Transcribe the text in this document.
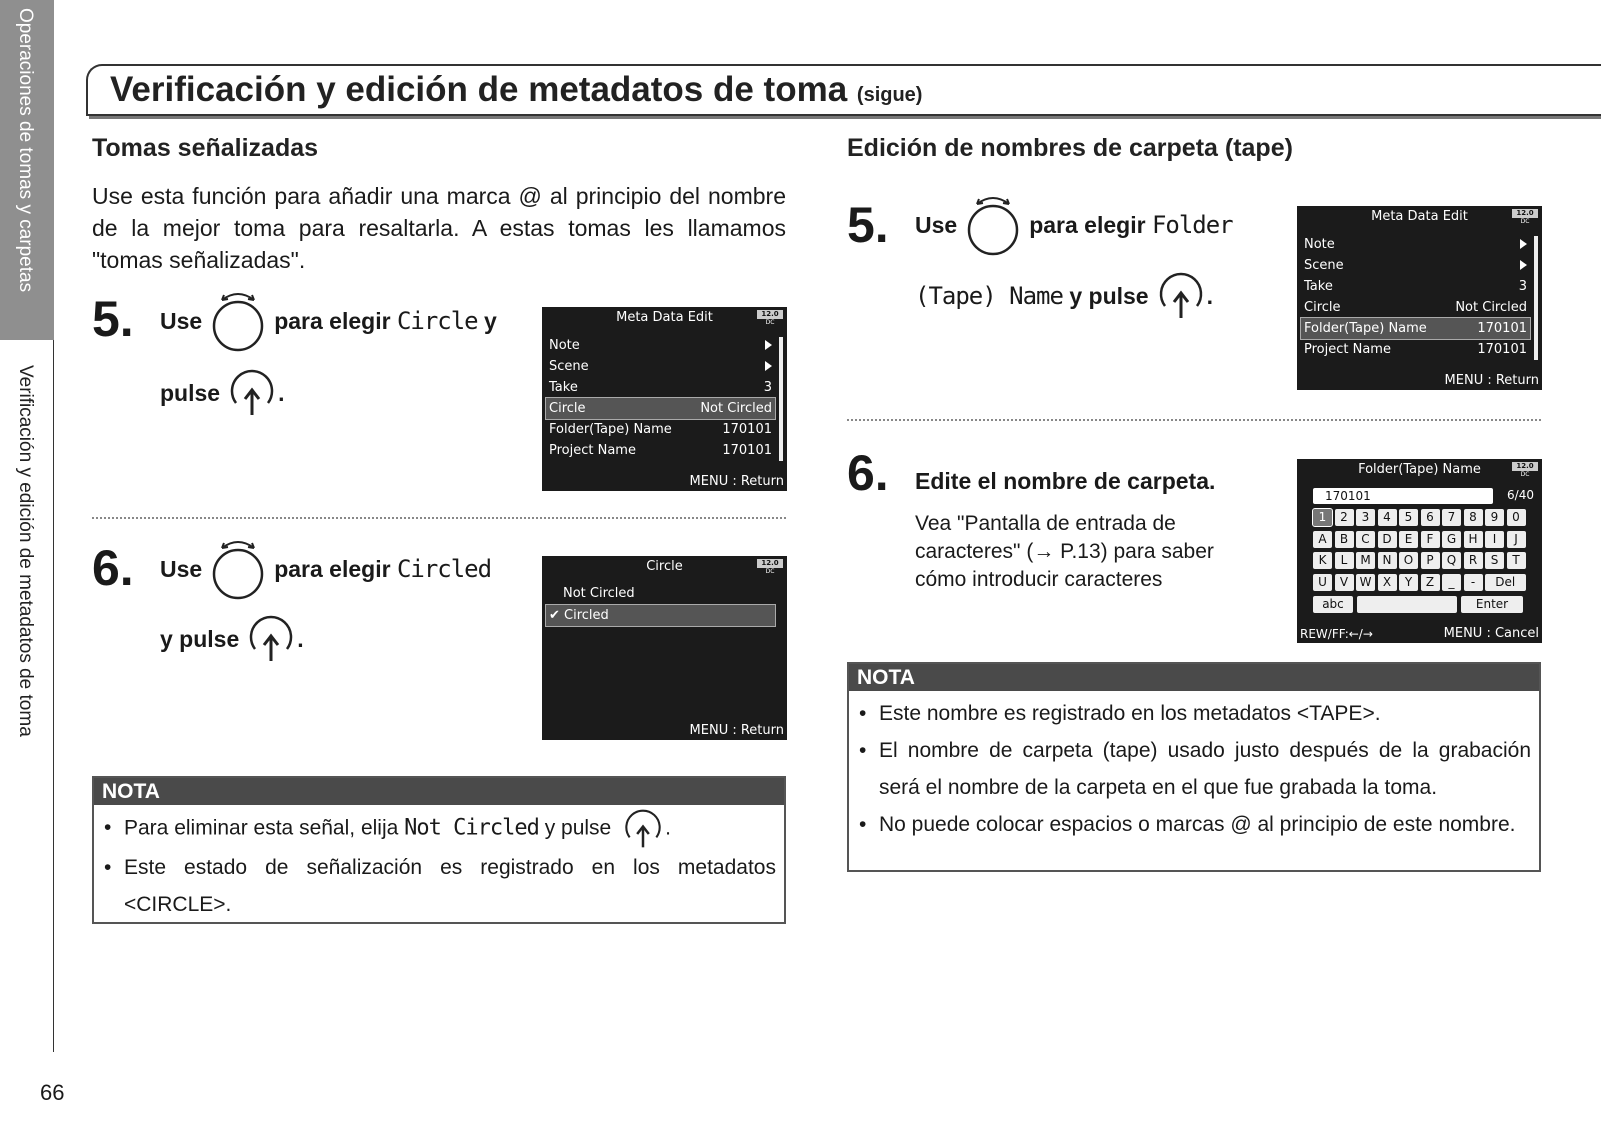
Operaciones de tomas y carpetas
Verificación y edición de metadatos de toma
66
Verificación y edición de metadatos de toma (sigue)
Tomas señalizadas
Use esta función para añadir una marca @ al principio del nombre de la mejor toma para resaltarla. A estas tomas les llamamos "tomas señalizadas".
5. Use	para elegir
Circle
y
pulse	.
Meta Data Edit	12.0
DC
Note
Scene
Take	3
Circle	Not Circled
Folder(Tape) Name	170101
Project Name	170101
MENU : Return
6. Use	para elegir
Circled
y pulse	.
Circle	12.0
DC
Not Circled
✔ Circled
MENU : Return
NOTA
• Para eliminar esta señal, elija Not Circled y pulse	.
• Este estado de señalización es registrado en los metadatos <CIRCLE>.
Edición de nombres de carpeta (tape)
5. Use	para elegir
Folder
(Tape) Name
y pulse	.
Meta Data Edit	12.0
DC
Note
Scene
Take	3
Circle	Not Circled
Folder(Tape) Name	170101
Project Name	170101
MENU : Return
6. Edite el nombre de carpeta.
Vea "Pantalla de entrada de caracteres" (→ P.13) para saber cómo introducir caracteres
Folder(Tape) Name	12.0
DC
170101	6/40
1	2	3	4	5	6	7	8	9	0
A	B	C	D	E	F	G	H	I	J
K	L	M N	O	P	Q	R	S	T
U	V W X	Y	Z	_	-	Del
abc	Enter
REW/FF:←/→	MENU : Cancel
NOTA
• Este nombre es registrado en los metadatos <TAPE>.
• El nombre de carpeta (tape) usado justo después de la grabación será el nombre de la carpeta en el que fue grabada la toma.
• No puede colocar espacios o marcas @ al principio de este nombre.
